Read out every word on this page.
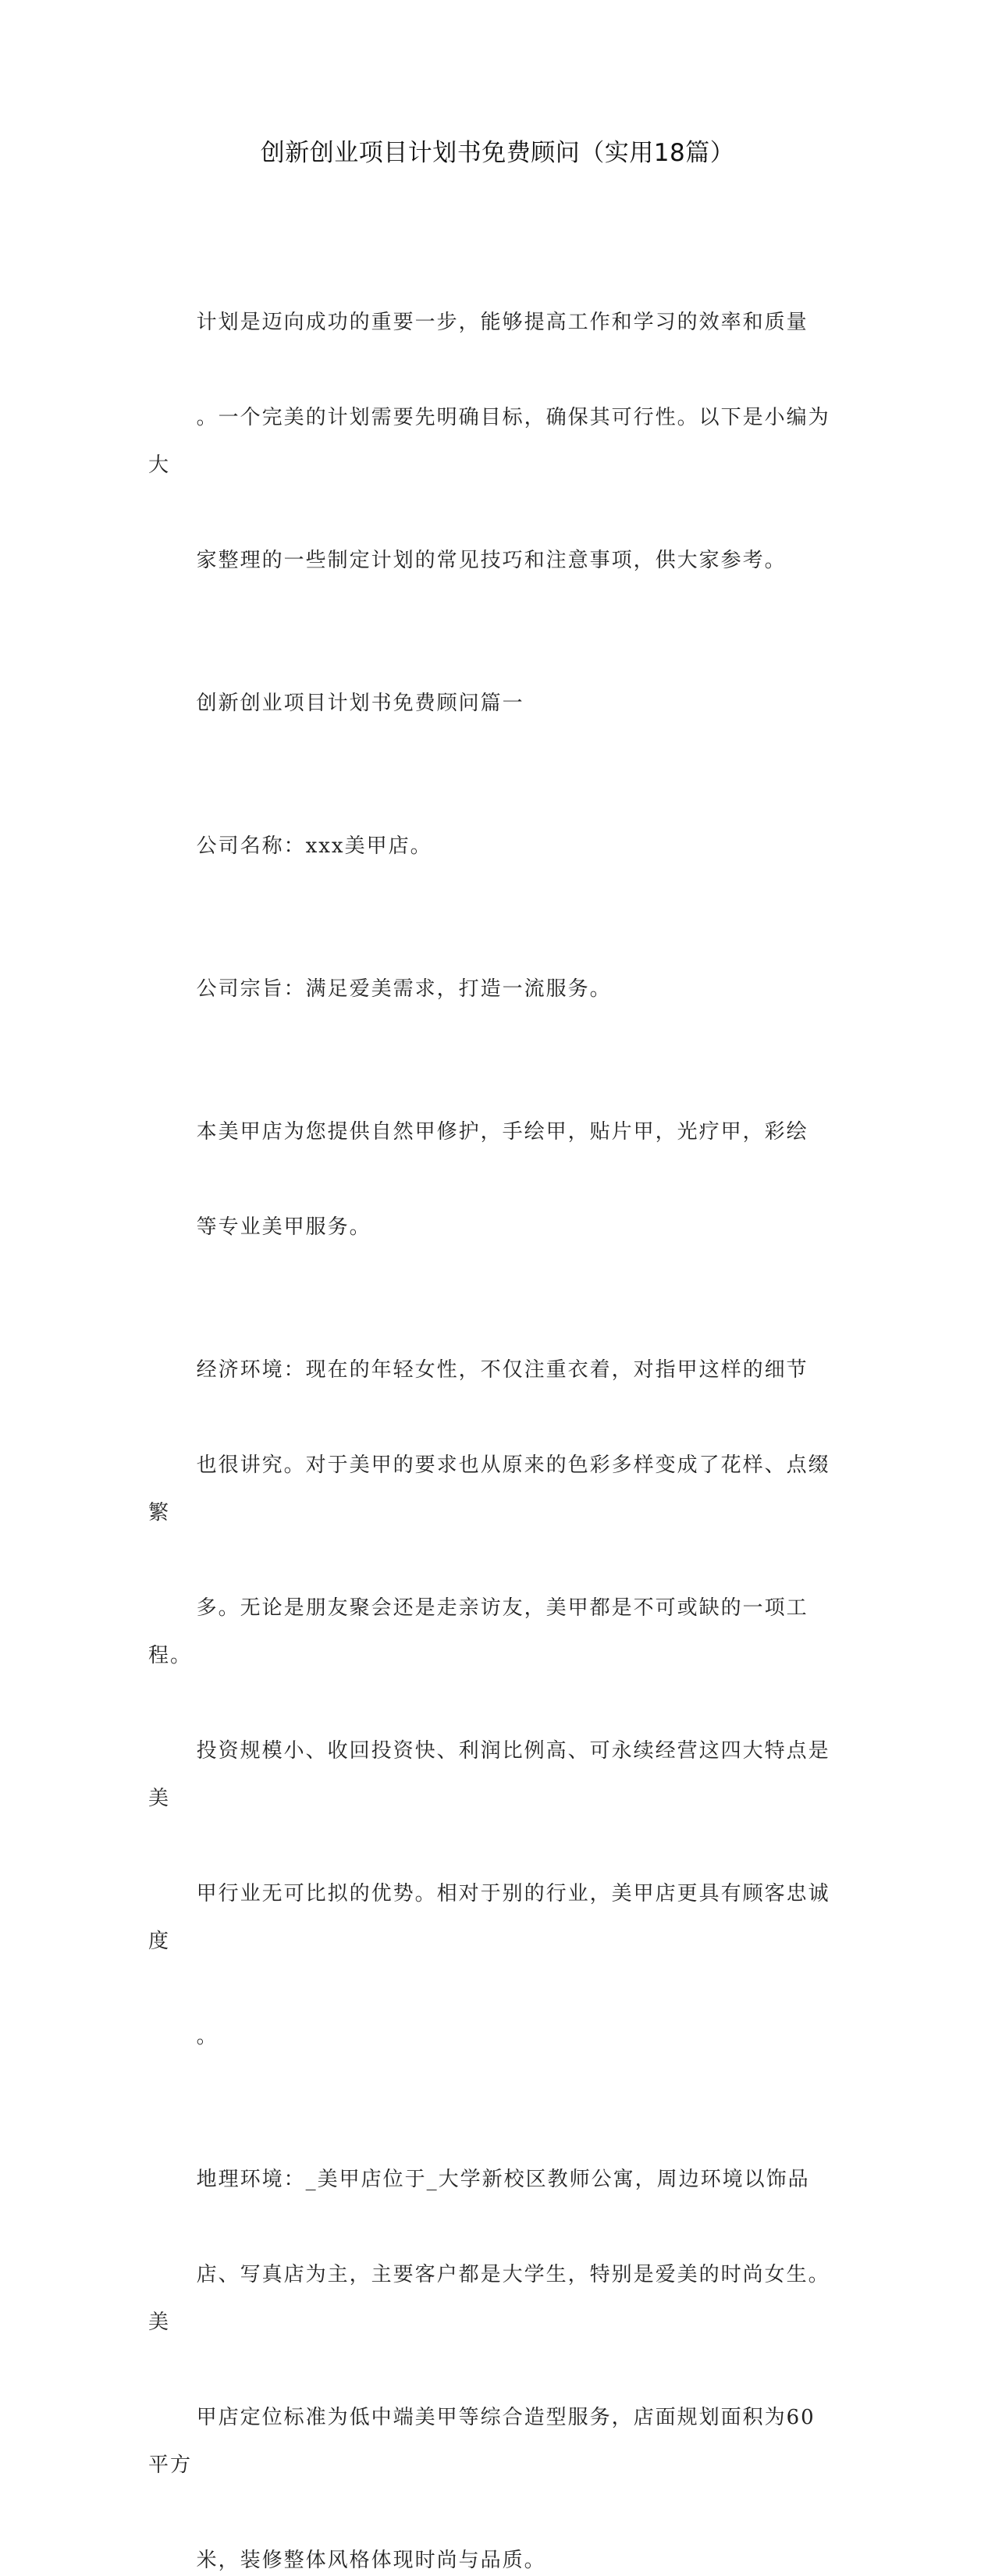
创新创业项目计划书免费顾问（实用18篇）

计划是迈向成功的重要一步，能够提高工作和学习的效率和质量

。一个完美的计划需要先明确目标，确保其可行性。以下是小编为大

家整理的一些制定计划的常见技巧和注意事项，供大家参考。

创新创业项目计划书免费顾问篇一

公司名称：xxx美甲店。

公司宗旨：满足爱美需求，打造一流服务。

本美甲店为您提供自然甲修护，手绘甲，贴片甲，光疗甲，彩绘

等专业美甲服务。

经济环境：现在的年轻女性，不仅注重衣着，对指甲这样的细节

也很讲究。对于美甲的要求也从原来的色彩多样变成了花样、点缀繁

多。无论是朋友聚会还是走亲访友，美甲都是不可或缺的一项工程。

投资规模小、收回投资快、利润比例高、可永续经营这四大特点是美

甲行业无可比拟的优势。相对于别的行业，美甲店更具有顾客忠诚度

。

地理环境：_美甲店位于_大学新校区教师公寓，周边环境以饰品

店、写真店为主，主要客户都是大学生，特别是爱美的时尚女生。美

甲店定位标准为低中端美甲等综合造型服务，店面规划面积为60平方

米，装修整体风格体现时尚与品质。
